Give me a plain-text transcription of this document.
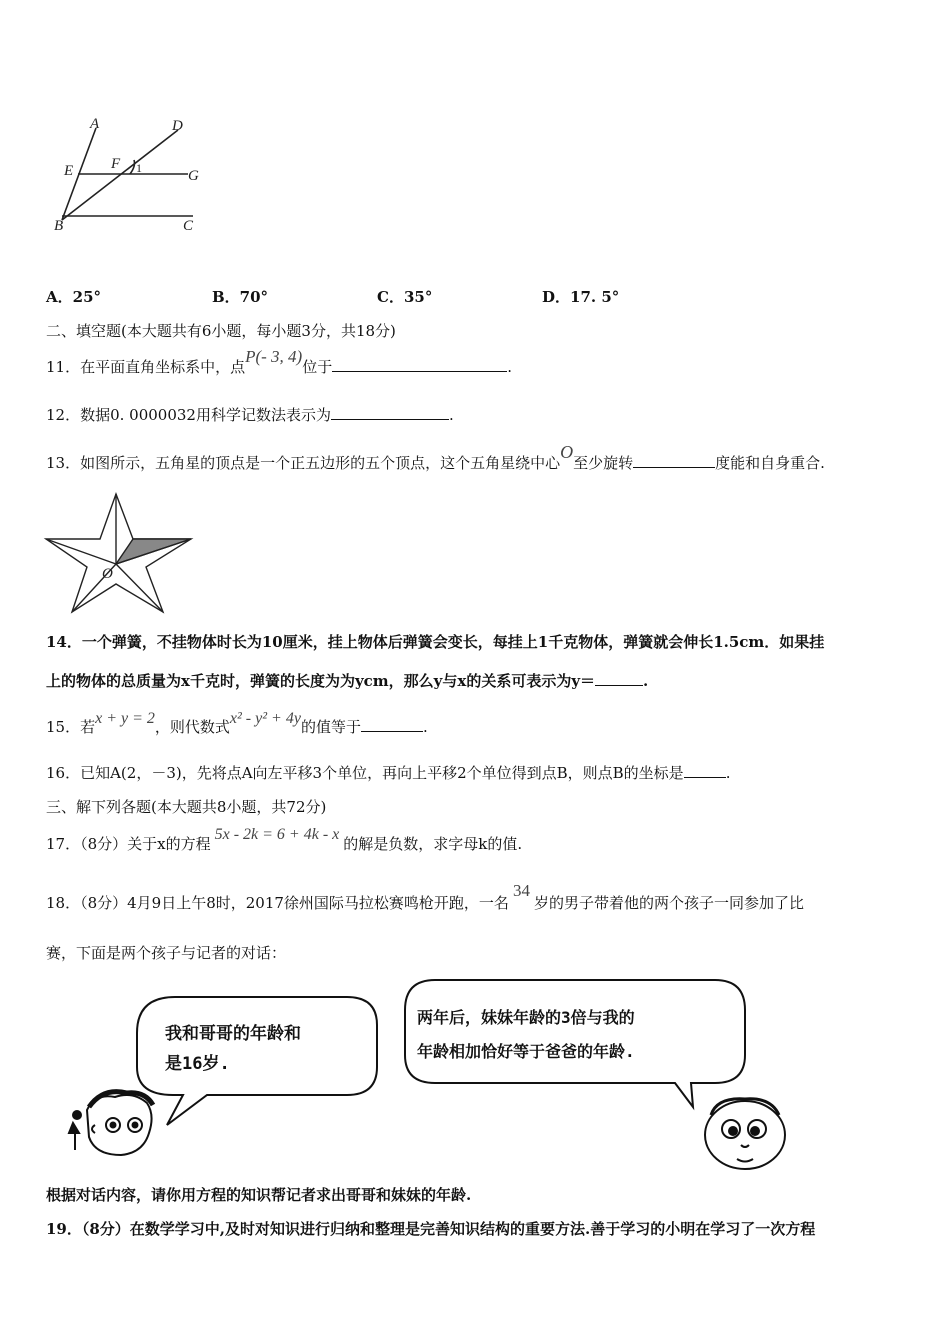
A	D
E	F 1	G
B	C
A．25°	B．70°	C．35°	D．17. 5°
二、填空题(本大题共有6小题，每小题3分，共18分)
11．在平面直角坐标系中，点P(- 3, 4)位于	.
12．数据0. 0000032用科学记数法表示为	.
13．如图所示，五角星的顶点是一个正五边形的五个顶点，这个五角星绕中心O至少旋转	度能和自身重合.
O
14．一个弹簧，不挂物体时长为10厘米，挂上物体后弹簧会变长，每挂上1千克物体，弹簧就会伸长1.5cm．如果挂
上的物体的总质量为x千克时，弹簧的长度为为ycm，那么y与x的关系可表示为y＝	.
15．若x + y = 2，则代数式x² - y² + 4y的值等于	.
16．已知A(2，－3)，先将点A向左平移3个单位，再向上平移2个单位得到点B，则点B的坐标是	.
三、解下列各题(本大题共8小题，共72分)
17．（8分）关于x的方程5x - 2k = 6 + 4k - x的解是负数，求字母k的值.
18．（8分）4月9日上午8时，2017徐州国际马拉松赛鸣枪开跑，一名34岁的男子带着他的两个孩子一同参加了比
赛，下面是两个孩子与记者的对话：
我和哥哥的年龄和
是16岁.
两年后，妹妹年龄的3倍与我的
年龄相加恰好等于爸爸的年龄.
根据对话内容，请你用方程的知识帮记者求出哥哥和妹妹的年龄.
19．（8分）在数学学习中,及时对知识进行归纳和整理是完善知识结构的重要方法.善于学习的小明在学习了一次方程
